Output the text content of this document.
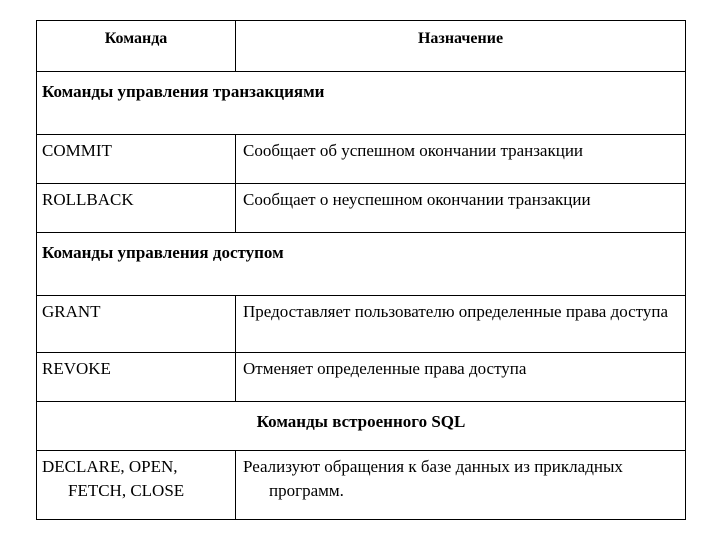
Команда	Назначение
Команды управления транзакциями	
COMMIT	Сообщает об успешном окончании транзакции
ROLLBACK	Сообщает о неуспешном окончании транзакции
Команды управления доступом	
GRANT	Предоставляет пользователю определенные права доступа

REVOKE	Отменяет определенные права доступа
Команды встроенного SQL	

DECLARE, OPEN, FETCH, CLOSE	Реализуют обращения к базе данных из прикладных программ.
